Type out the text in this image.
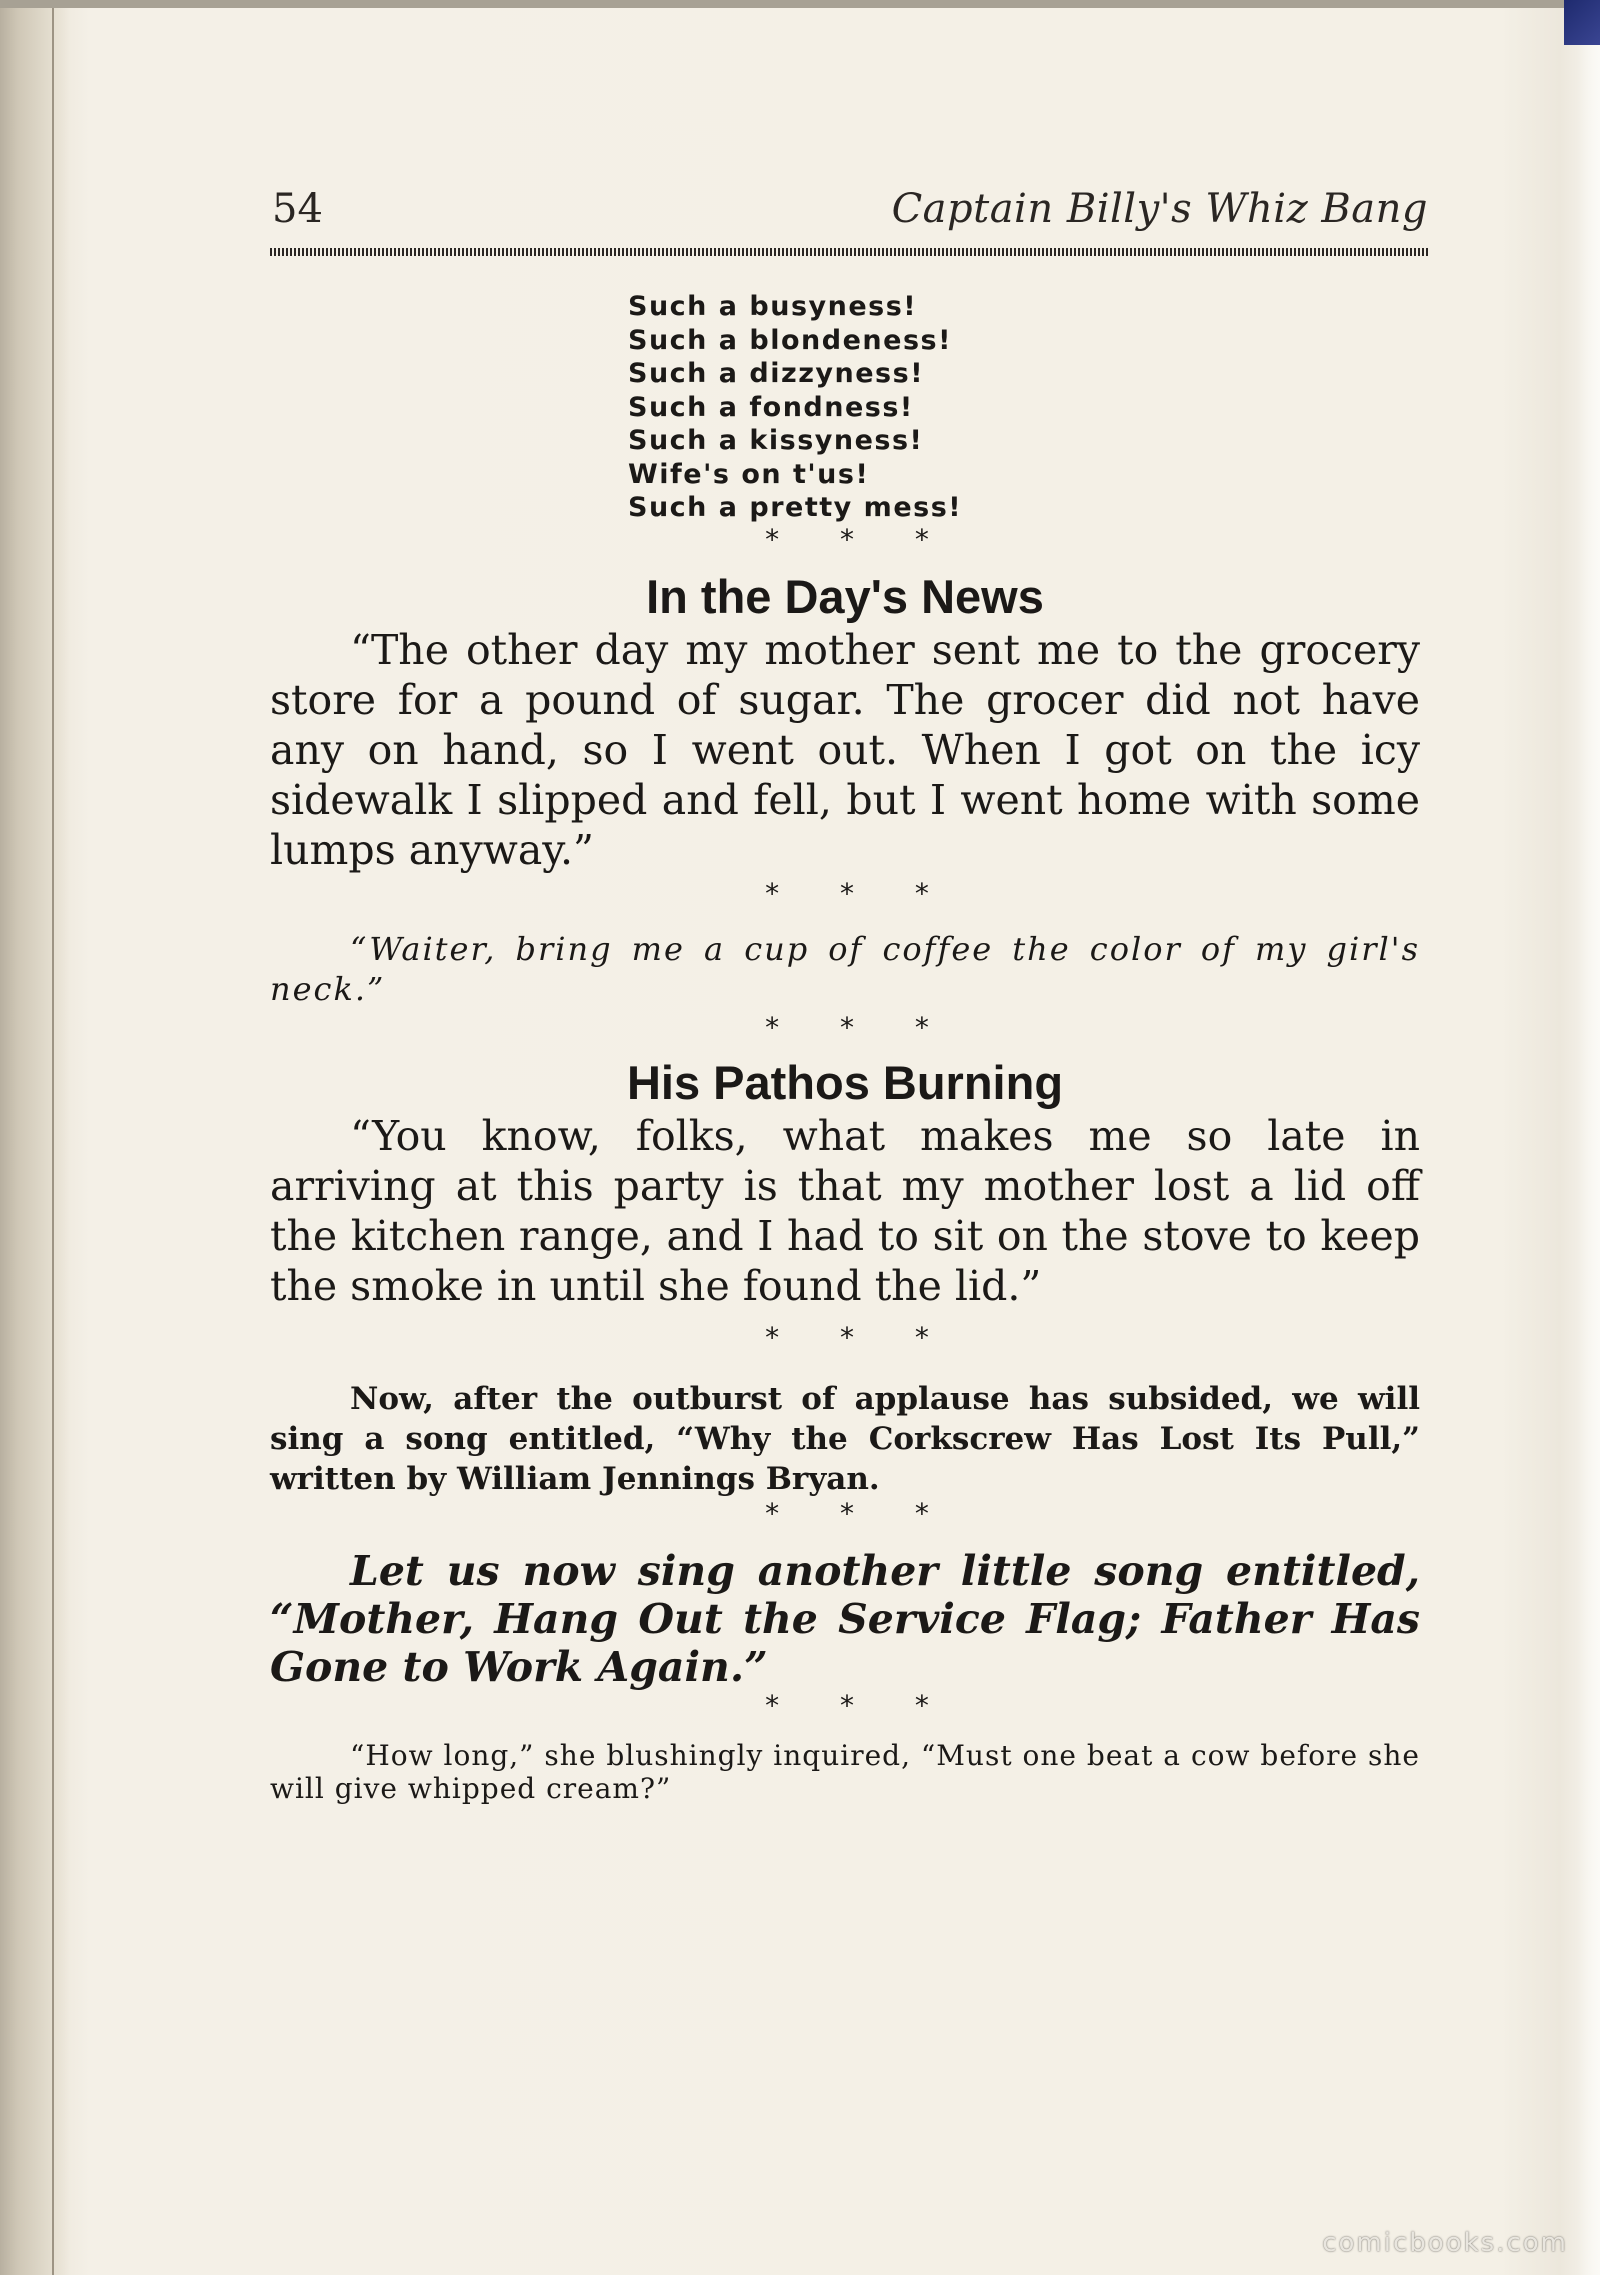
54	Captain Billy's Whiz Bang
Such a busyness!
Such a blondeness!
Such a dizzyness!
Such a fondness!
Such a kissyness!
Wife's on t'us!
Such a pretty mess!
* * *
In the Day's News
“The other day my mother sent me to the grocery store for a pound of sugar. The grocer did not have any on hand, so I went out. When I got on the icy sidewalk I slipped and fell, but I went home with some lumps anyway.”
* * *
“Waiter, bring me a cup of coffee the color of my girl's neck.”
* * *
His Pathos Burning
“You know, folks, what makes me so late in arriving at this party is that my mother lost a lid off the kitchen range, and I had to sit on the stove to keep the smoke in until she found the lid.”
* * *
Now, after the outburst of applause has subsided, we will sing a song entitled, “Why the Corkscrew Has Lost Its Pull,” written by William Jennings Bryan.
* * *
Let us now sing another little song entitled, “Mother, Hang Out the Service Flag; Father Has Gone to Work Again.”
* * *
“How long,” she blushingly inquired, “Must one beat a cow before she will give whipped cream?”
comicbooks.com
